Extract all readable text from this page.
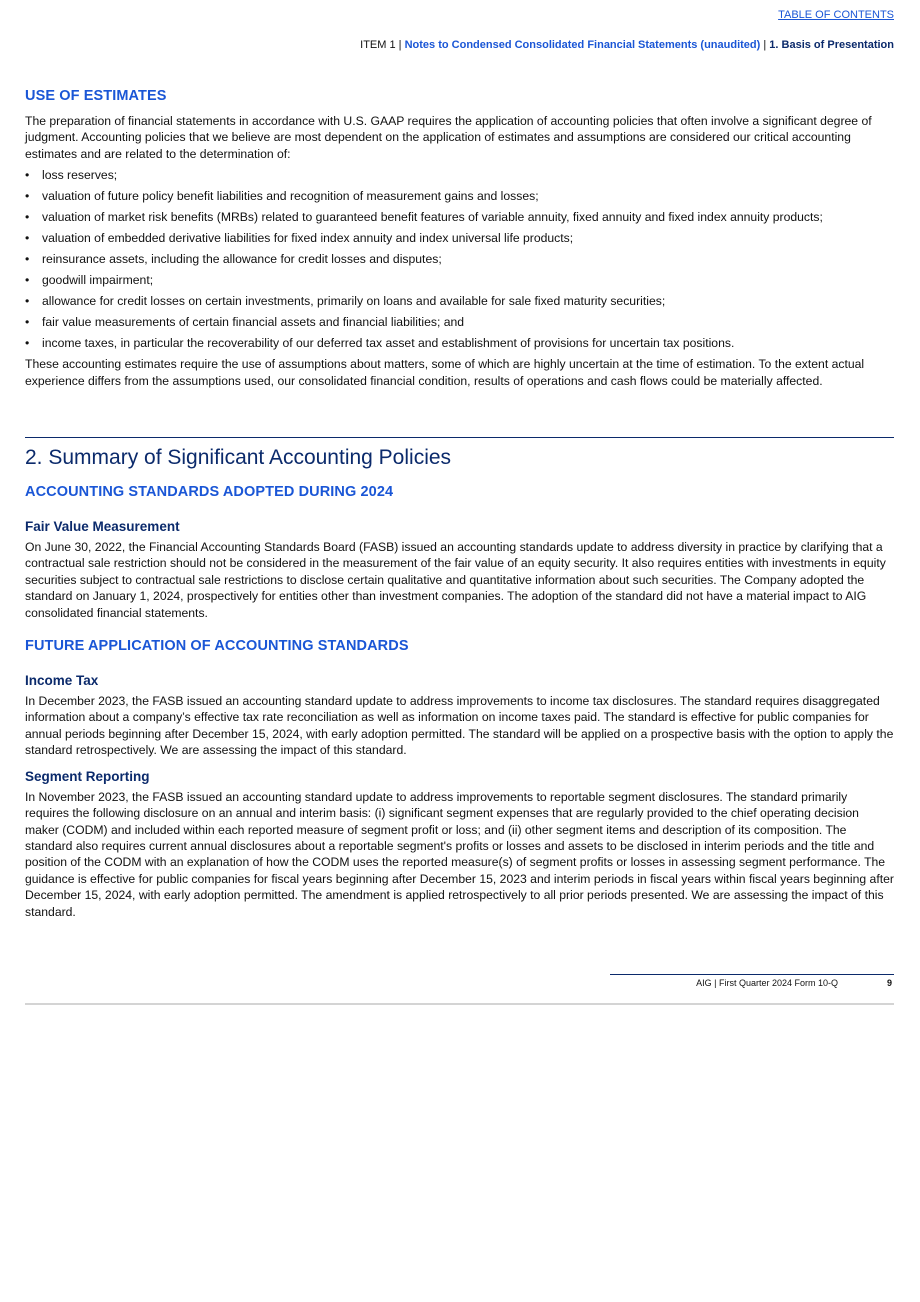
TABLE OF CONTENTS
ITEM 1 | Notes to Condensed Consolidated Financial Statements (unaudited) | 1. Basis of Presentation
USE OF ESTIMATES

The preparation of financial statements in accordance with U.S. GAAP requires the application of accounting policies that often involve a significant degree of judgment. Accounting policies that we believe are most dependent on the application of estimates and assumptions are considered our critical accounting estimates and are related to the determination of:

• loss reserves;
• valuation of future policy benefit liabilities and recognition of measurement gains and losses;
• valuation of market risk benefits (MRBs) related to guaranteed benefit features of variable annuity, fixed annuity and fixed index annuity products;
• valuation of embedded derivative liabilities for fixed index annuity and index universal life products;
• reinsurance assets, including the allowance for credit losses and disputes;
• goodwill impairment;
• allowance for credit losses on certain investments, primarily on loans and available for sale fixed maturity securities;
• fair value measurements of certain financial assets and financial liabilities; and
• income taxes, in particular the recoverability of our deferred tax asset and establishment of provisions for uncertain tax positions.

These accounting estimates require the use of assumptions about matters, some of which are highly uncertain at the time of estimation. To the extent actual experience differs from the assumptions used, our consolidated financial condition, results of operations and cash flows could be materially affected.

2. Summary of Significant Accounting Policies
ACCOUNTING STANDARDS ADOPTED DURING 2024
Fair Value Measurement

On June 30, 2022, the Financial Accounting Standards Board (FASB) issued an accounting standards update to address diversity in practice by clarifying that a contractual sale restriction should not be considered in the measurement of the fair value of an equity security. It also requires entities with investments in equity securities subject to contractual sale restrictions to disclose certain qualitative and quantitative information about such securities. The Company adopted the standard on January 1, 2024, prospectively for entities other than investment companies. The adoption of the standard did not have a material impact to AIG consolidated financial statements.

FUTURE APPLICATION OF ACCOUNTING STANDARDS
Income Tax

In December 2023, the FASB issued an accounting standard update to address improvements to income tax disclosures. The standard requires disaggregated information about a company’s effective tax rate reconciliation as well as information on income taxes paid. The standard is effective for public companies for annual periods beginning after December 15, 2024, with early adoption permitted. The standard will be applied on a prospective basis with the option to apply the standard retrospectively. We are assessing the impact of this standard.

Segment Reporting

In November 2023, the FASB issued an accounting standard update to address improvements to reportable segment disclosures. The standard primarily requires the following disclosure on an annual and interim basis: (i) significant segment expenses that are regularly provided to the chief operating decision maker (CODM) and included within each reported measure of segment profit or loss; and (ii) other segment items and description of its composition. The standard also requires current annual disclosures about a reportable segment's profits or losses and assets to be disclosed in interim periods and the title and position of the CODM with an explanation of how the CODM uses the reported measure(s) of segment profits or losses in assessing segment performance. The guidance is effective for public companies for fiscal years beginning after December 15, 2023 and interim periods in fiscal years within fiscal years beginning after December 15, 2024, with early adoption permitted. The amendment is applied retrospectively to all prior periods presented. We are assessing the impact of this standard.

AIG | First Quarter 2024 Form 10-Q	9
